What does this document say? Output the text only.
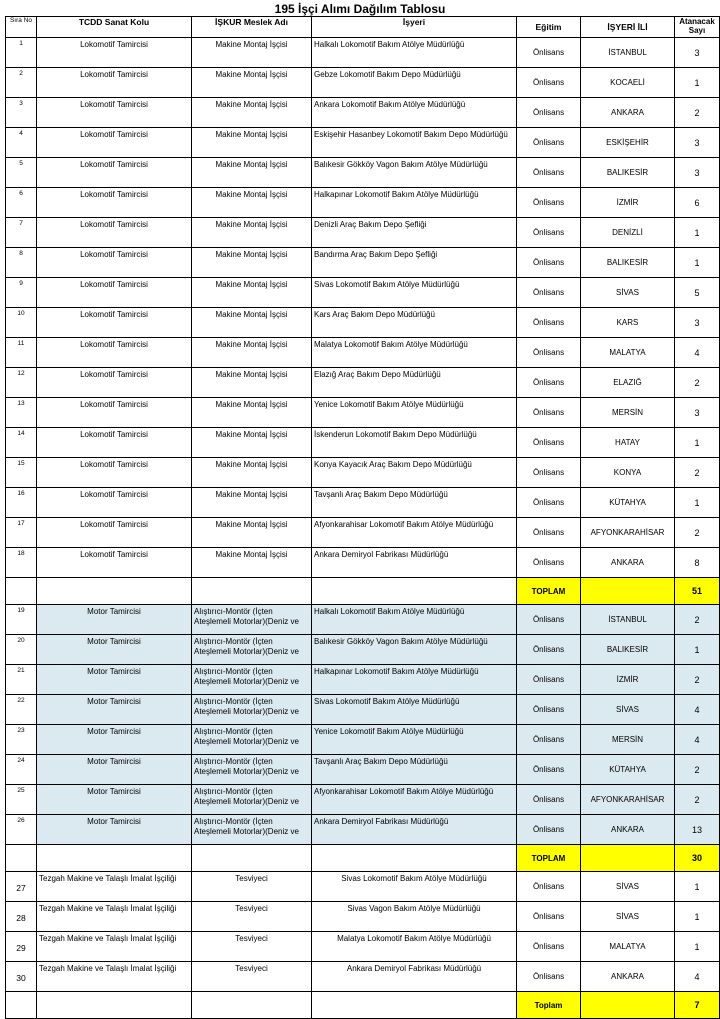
195 İşçi Alımı Dağılım Tablosu
Sıra No	TCDD Sanat Kolu	İŞKUR Meslek Adı	İşyeri	Eğitim	İŞYERİ İLİ	Atanacak Sayı
1	Lokomotif Tamircisi	Makine Montaj İşçisi	Halkalı Lokomotif Bakım Atölye Müdürlüğü	Önlisans	İSTANBUL	3
2	Lokomotif Tamircisi	Makine Montaj İşçisi	Gebze Lokomotif Bakım Depo Müdürlüğü	Önlisans	KOCAELİ	1
3	Lokomotif Tamircisi	Makine Montaj İşçisi	Ankara Lokomotif Bakım Atölye Müdürlüğü	Önlisans	ANKARA	2
4	Lokomotif Tamircisi	Makine Montaj İşçisi	Eskişehir Hasanbey Lokomotif Bakım Depo Müdürlüğü	Önlisans	ESKİŞEHİR	3
5	Lokomotif Tamircisi	Makine Montaj İşçisi	Balıkesir Gökköy Vagon Bakım Atölye Müdürlüğü	Önlisans	BALIKESİR	3
6	Lokomotif Tamircisi	Makine Montaj İşçisi	Halkapınar Lokomotif Bakım Atölye Müdürlüğü	Önlisans	İZMİR	6
7	Lokomotif Tamircisi	Makine Montaj İşçisi	Denizli Araç Bakım Depo Şefliği	Önlisans	DENİZLİ	1
8	Lokomotif Tamircisi	Makine Montaj İşçisi	Bandırma Araç Bakım Depo Şefliği	Önlisans	BALIKESİR	1
9	Lokomotif Tamircisi	Makine Montaj İşçisi	Sivas Lokomotif Bakım Atölye Müdürlüğü	Önlisans	SİVAS	5
10	Lokomotif Tamircisi	Makine Montaj İşçisi	Kars Araç Bakım Depo Müdürlüğü	Önlisans	KARS	3
11	Lokomotif Tamircisi	Makine Montaj İşçisi	Malatya Lokomotif Bakım Atölye Müdürlüğü	Önlisans	MALATYA	4
12	Lokomotif Tamircisi	Makine Montaj İşçisi	Elazığ Araç Bakım Depo Müdürlüğü	Önlisans	ELAZIĞ	2
13	Lokomotif Tamircisi	Makine Montaj İşçisi	Yenice Lokomotif Bakım Atölye Müdürlüğü	Önlisans	MERSİN	3
14	Lokomotif Tamircisi	Makine Montaj İşçisi	İskenderun Lokomotif Bakım Depo Müdürlüğü	Önlisans	HATAY	1
15	Lokomotif Tamircisi	Makine Montaj İşçisi	Konya Kayacık Araç Bakım Depo Müdürlüğü	Önlisans	KONYA	2
16	Lokomotif Tamircisi	Makine Montaj İşçisi	Tavşanlı Araç Bakım Depo Müdürlüğü	Önlisans	KÜTAHYA	1
17	Lokomotif Tamircisi	Makine Montaj İşçisi	Afyonkarahisar Lokomotif Bakım Atölye Müdürlüğü	Önlisans	AFYONKARAHİSAR	2
18	Lokomotif Tamircisi	Makine Montaj İşçisi	Ankara Demiryol Fabrikası Müdürlüğü	Önlisans	ANKARA	8
				TOPLAM		51
19	Motor Tamircisi	Alıştırıcı-Montör (İçten Ateşlemeli Motorlar)(Deniz ve	Halkalı Lokomotif Bakım Atölye Müdürlüğü	Önlisans	İSTANBUL	2
20	Motor Tamircisi	Alıştırıcı-Montör (İçten Ateşlemeli Motorlar)(Deniz ve	Balıkesir Gökköy Vagon Bakım Atölye Müdürlüğü	Önlisans	BALIKESİR	1
21	Motor Tamircisi	Alıştırıcı-Montör (İçten Ateşlemeli Motorlar)(Deniz ve	Halkapınar Lokomotif Bakım Atölye Müdürlüğü	Önlisans	İZMİR	2
22	Motor Tamircisi	Alıştırıcı-Montör (İçten Ateşlemeli Motorlar)(Deniz ve	Sivas Lokomotif Bakım Atölye Müdürlüğü	Önlisans	SİVAS	4
23	Motor Tamircisi	Alıştırıcı-Montör (İçten Ateşlemeli Motorlar)(Deniz ve	Yenice Lokomotif Bakım Atölye Müdürlüğü	Önlisans	MERSİN	4
24	Motor Tamircisi	Alıştırıcı-Montör (İçten Ateşlemeli Motorlar)(Deniz ve	Tavşanlı Araç Bakım Depo Müdürlüğü	Önlisans	KÜTAHYA	2
25	Motor Tamircisi	Alıştırıcı-Montör (İçten Ateşlemeli Motorlar)(Deniz ve	Afyonkarahisar Lokomotif Bakım Atölye Müdürlüğü	Önlisans	AFYONKARAHİSAR	2
26	Motor Tamircisi	Alıştırıcı-Montör (İçten Ateşlemeli Motorlar)(Deniz ve	Ankara Demiryol Fabrikası Müdürlüğü	Önlisans	ANKARA	13
				TOPLAM		30
27	Tezgah Makine ve Talaşlı İmalat İşçiliği	Tesviyeci	Sivas Lokomotif Bakım Atölye Müdürlüğü	Önlisans	SİVAS	1
28	Tezgah Makine ve Talaşlı İmalat İşçiliği	Tesviyeci	Sivas Vagon Bakım Atölye Müdürlüğü	Önlisans	SİVAS	1
29	Tezgah Makine ve Talaşlı İmalat İşçiliği	Tesviyeci	Malatya Lokomotif Bakım Atölye Müdürlüğü	Önlisans	MALATYA	1
30	Tezgah Makine ve Talaşlı İmalat İşçiliği	Tesviyeci	Ankara Demiryol Fabrikası Müdürlüğü	Önlisans	ANKARA	4
				Toplam		7
